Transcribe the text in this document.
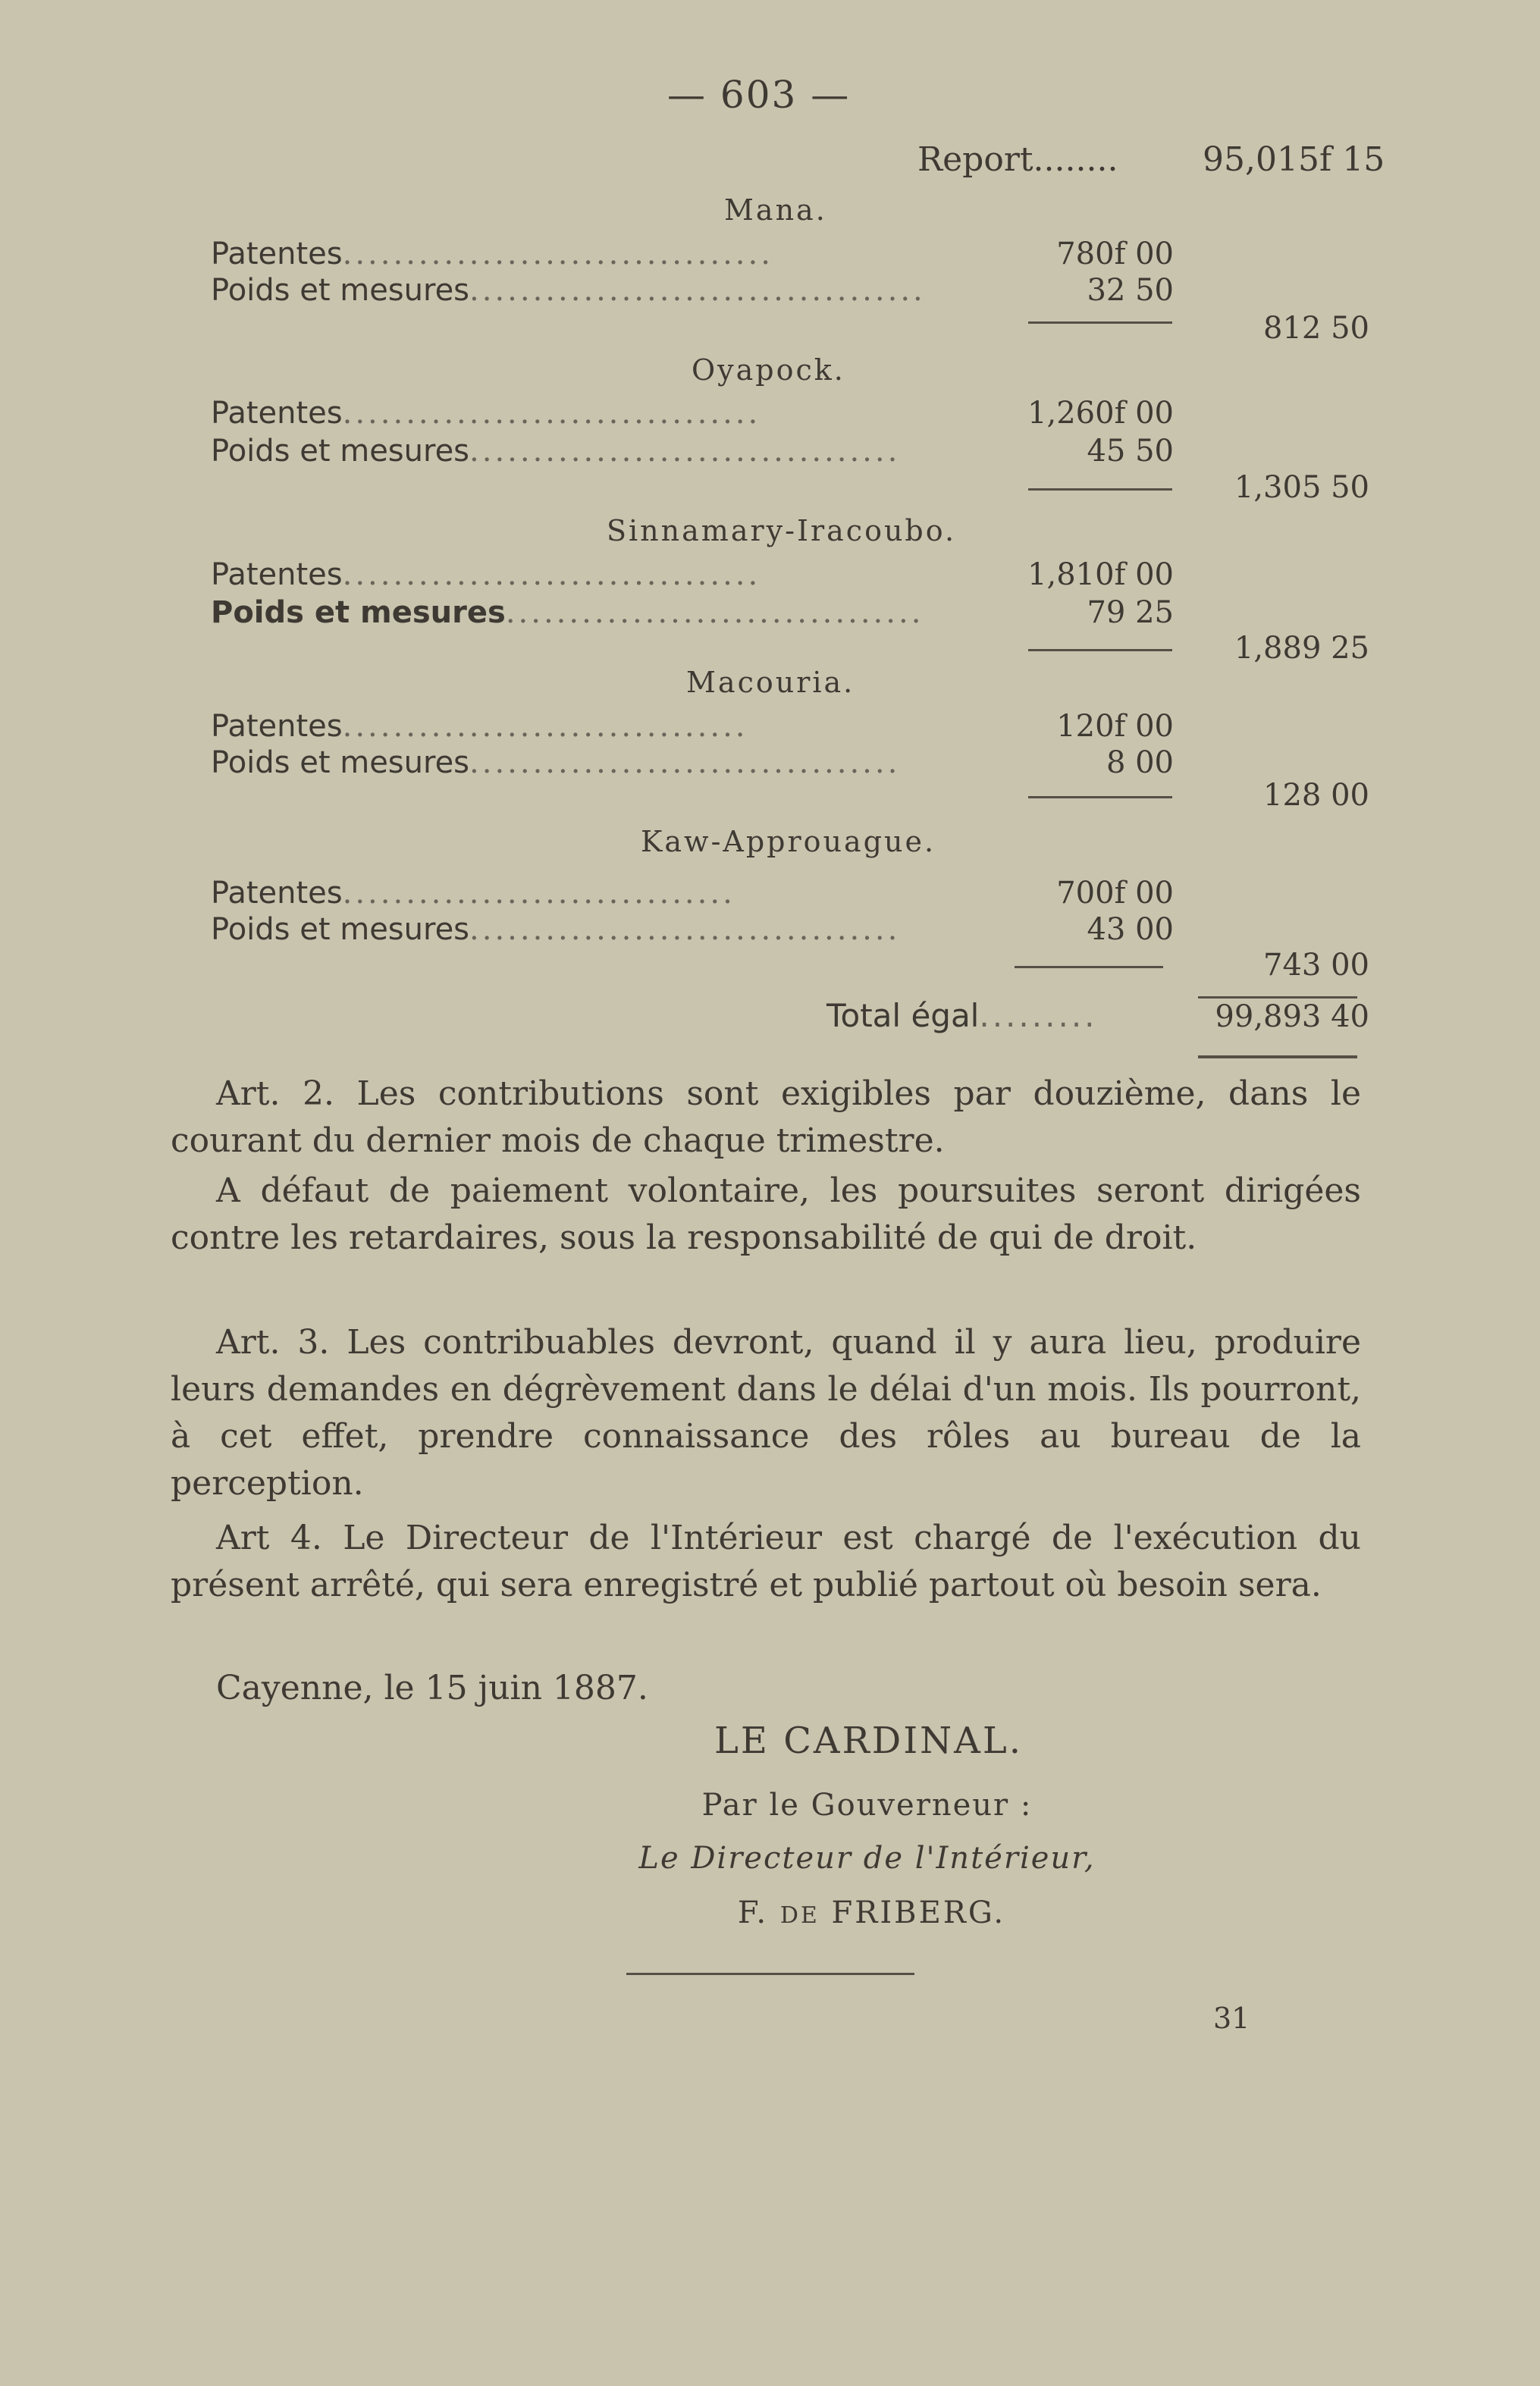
— 603 —
Report........	95,015f 15
Mana.
Patentes..................................	780f 00
Poids et mesures....................................	32 50
812 50
Oyapock.
Patentes.................................	1,260f 00
Poids et mesures..................................	45 50
1,305 50
Sinnamary-Iracoubo.
Patentes.................................	1,810f 00
Poids et mesures.................................	79 25
1,889 25
Macouria.
Patentes................................	120f 00
Poids et mesures..................................	8 00
128 00
Kaw-Approuague.
Patentes...............................	700f 00
Poids et mesures..................................	43 00
743 00
Total égal.........	99,893 40

Art. 2. Les contributions sont exigibles par douzième, dans le courant du dernier mois de chaque trimestre.

A défaut de paiement volontaire, les poursuites seront dirigées contre les retardaires, sous la responsabilité de qui de droit.

Art. 3. Les contribuables devront, quand il y aura lieu, produire leurs demandes en dégrèvement dans le délai d'un mois. Ils pourront, à cet effet, prendre connaissance des rôles au bureau de la perception.

Art 4. Le Directeur de l'Intérieur est chargé de l'exécution du présent arrêté, qui sera enregistré et publié partout où besoin sera.

Cayenne, le 15 juin 1887.

LE CARDINAL.
Par le Gouverneur :
Le Directeur de l'Intérieur,
F. DE FRIBERG.
31
